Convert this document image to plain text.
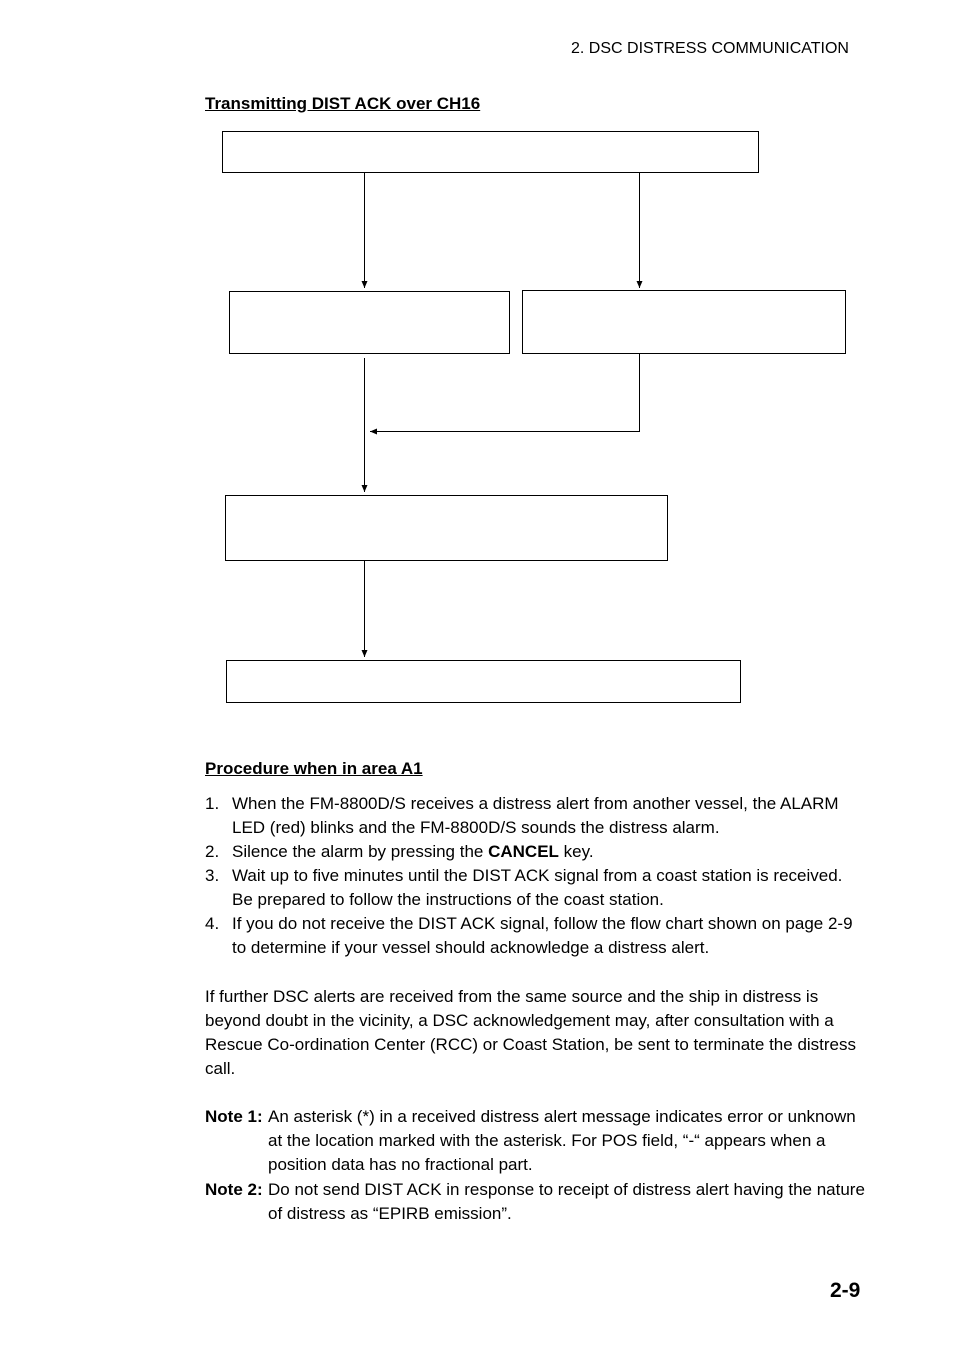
2. DSC DISTRESS COMMUNICATION
Transmitting DIST ACK over CH16
Procedure when in area A1
1. When the FM-8800D/S receives a distress alert from another vessel, the ALARM LED (red) blinks and the FM-8800D/S sounds the distress alarm.
2. Silence the alarm by pressing the CANCEL key.
3. Wait up to five minutes until the DIST ACK signal from a coast station is received. Be prepared to follow the instructions of the coast station.
4. If you do not receive the DIST ACK signal, follow the flow chart shown on page 2-9 to determine if your vessel should acknowledge a distress alert.

If further DSC alerts are received from the same source and the ship in distress is beyond doubt in the vicinity, a DSC acknowledgement may, after consultation with a Rescue Co-ordination Center (RCC) or Coast Station, be sent to terminate the distress call.

Note 1: An asterisk (*) in a received distress alert message indicates error or unknown at the location marked with the asterisk. For POS field, “-“ appears when a position data has no fractional part.
Note 2: Do not send DIST ACK in response to receipt of distress alert having the nature of distress as “EPIRB emission”.
2-9
